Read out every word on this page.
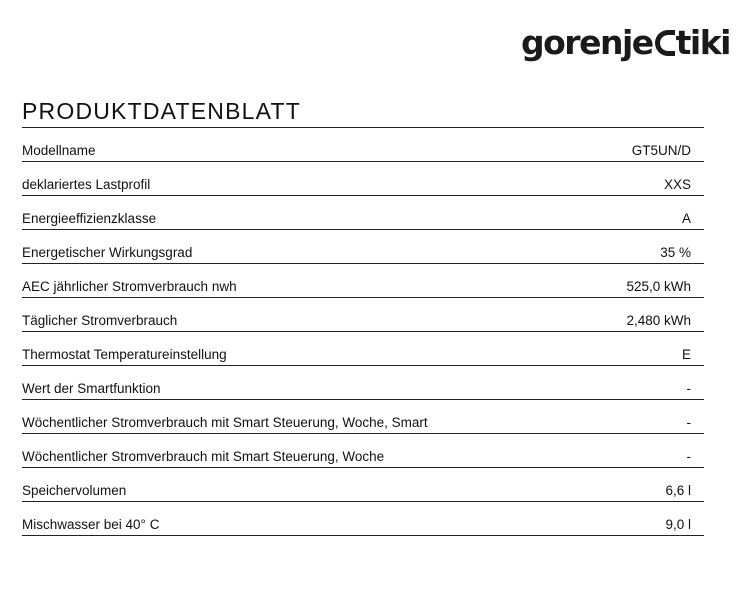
gorenje tiki
PRODUKTDATENBLATT
Modellname	GT5UN/D
deklariertes Lastprofil	XXS
Energieeffizienzklasse	A
Energetischer Wirkungsgrad	35 %
AEC jährlicher Stromverbrauch nwh	525,0 kWh
Täglicher Stromverbrauch	2,480 kWh
Thermostat Temperatureinstellung	E
Wert der Smartfunktion	-
Wöchentlicher Stromverbrauch mit Smart Steuerung, Woche, Smart	-
Wöchentlicher Stromverbrauch mit Smart Steuerung, Woche	-
Speichervolumen	6,6 l
Mischwasser bei 40° C	9,0 l
